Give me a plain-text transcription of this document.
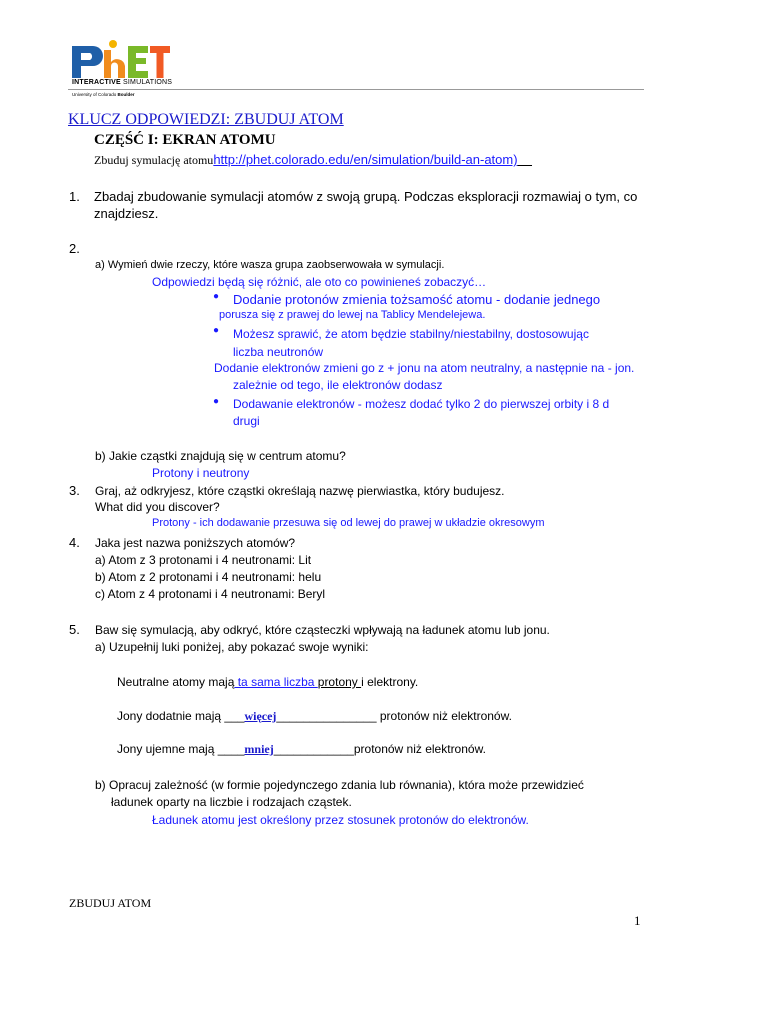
INTERACTIVE SIMULATIONS
University of Colorado Boulder
KLUCZ ODPOWIEDZI: ZBUDUJ ATOM
CZĘŚĆ I: EKRAN ATOMU
Zbuduj symulację atomuhttp://phet.colorado.edu/en/simulation/build-an-atom)
1. Zbadaj zbudowanie symulacji atomów z swoją grupą. Podczas eksploracji rozmawiaj o tym, co
znajdziesz.
2.
a) Wymień dwie rzeczy, które wasza grupa zaobserwowała w symulacji.
Odpowiedzi będą się różnić, ale oto co powinieneś zobaczyć…
● Dodanie protonów zmienia tożsamość atomu - dodanie jednego
porusza się z prawej do lewej na Tablicy Mendelejewa.
● Możesz sprawić, że atom będzie stabilny/niestabilny, dostosowując
liczba neutronów
Dodanie elektronów zmieni go z + jonu na atom neutralny, a następnie na - jon.
zależnie od tego, ile elektronów dodasz
● Dodawanie elektronów - możesz dodać tylko 2 do pierwszej orbity i 8 d
drugi
b) Jakie cząstki znajdują się w centrum atomu?
Protony i neutrony
3. Graj, aż odkryjesz, które cząstki określają nazwę pierwiastka, który budujesz.
What did you discover?
Protony - ich dodawanie przesuwa się od lewej do prawej w układzie okresowym
4. Jaka jest nazwa poniższych atomów?
a) Atom z 3 protonami i 4 neutronami: Lit
b) Atom z 2 protonami i 4 neutronami: helu
c) Atom z 4 protonami i 4 neutronami: Beryl
5. Baw się symulacją, aby odkryć, które cząsteczki wpływają na ładunek atomu lub jonu.
a) Uzupełnij luki poniżej, aby pokazać swoje wyniki:
Neutralne atomy mają ta sama liczba protony i elektrony.
Jony dodatnie mają ___więcej_______________ protonów niż elektronów.
Jony ujemne mają ____mniej____________protonów niż elektronów.
b) Opracuj zależność (w formie pojedynczego zdania lub równania), która może przewidzieć
ładunek oparty na liczbie i rodzajach cząstek.
Ładunek atomu jest określony przez stosunek protonów do elektronów.
ZBUDUJ ATOM
1
